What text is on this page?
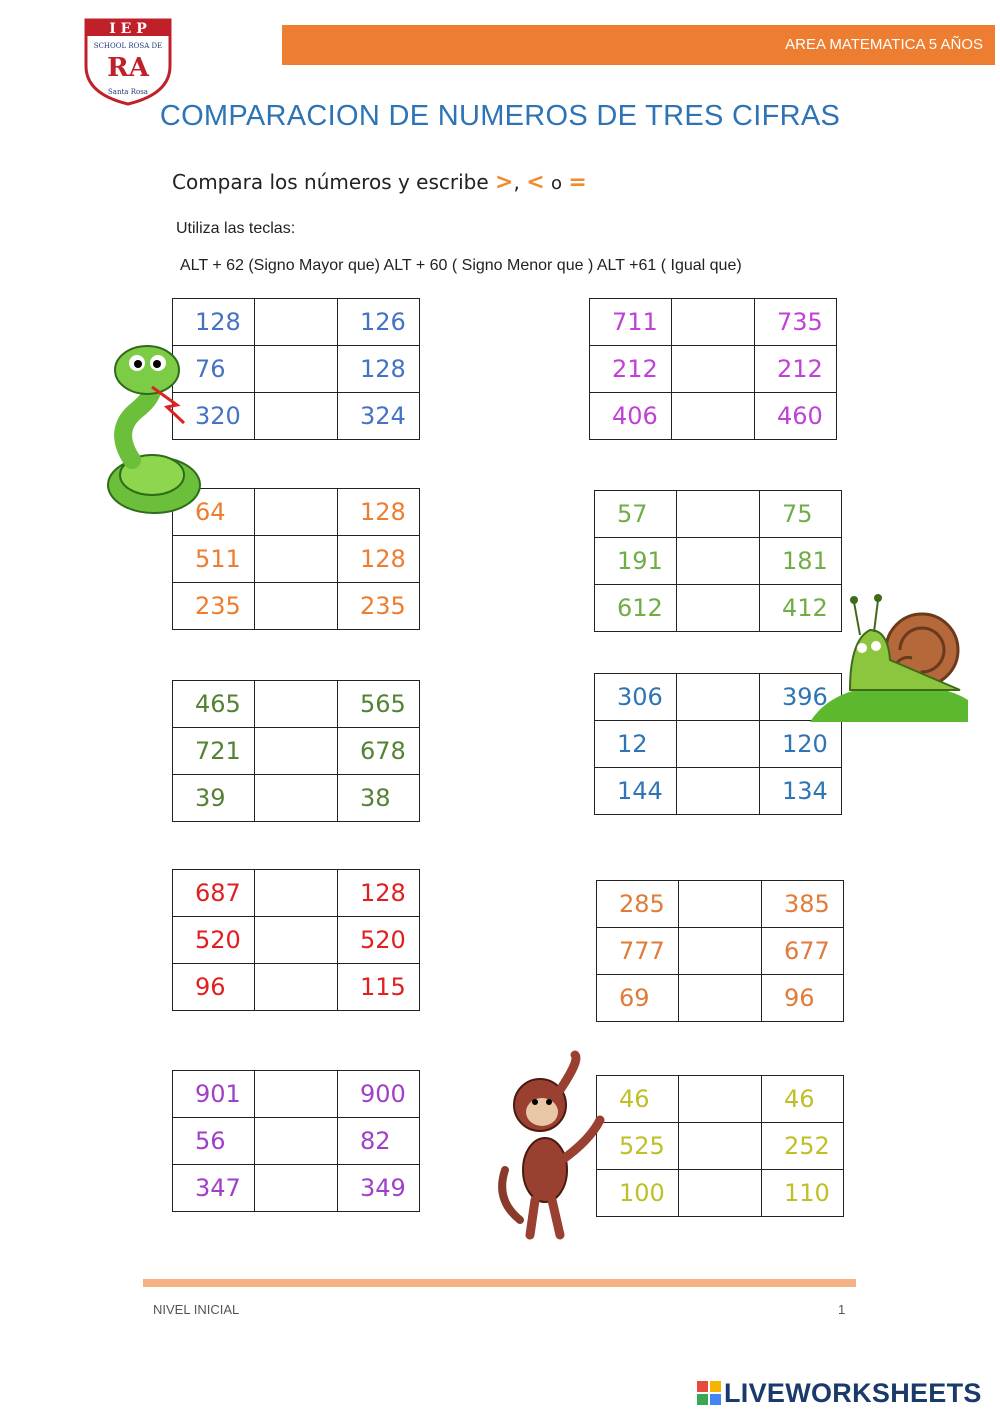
AREA MATEMATICA 5 AÑOS
I E P
SCHOOL ROSA DE
RA
Santa Rosa
COMPARACION DE NUMEROS DE TRES CIFRAS
Compara los números y escribe >, < o =
Utiliza las teclas:
ALT + 62 (Signo Mayor que) ALT + 60 ( Signo Menor que ) ALT +61 ( Igual que)
128		126
76		128
320		324
64		128
511		128
235		235
465		565
721		678
39		38
687		128
520		520
96		115
901		900
56		82
347		349
711		735
212		212
406		460
57		75
191		181
612		412
306		396
12		120
144		134
285		385
777		677
69		96
46		46
525		252
100		110
NIVEL INICIAL	1
LIVEWORKSHEETS
